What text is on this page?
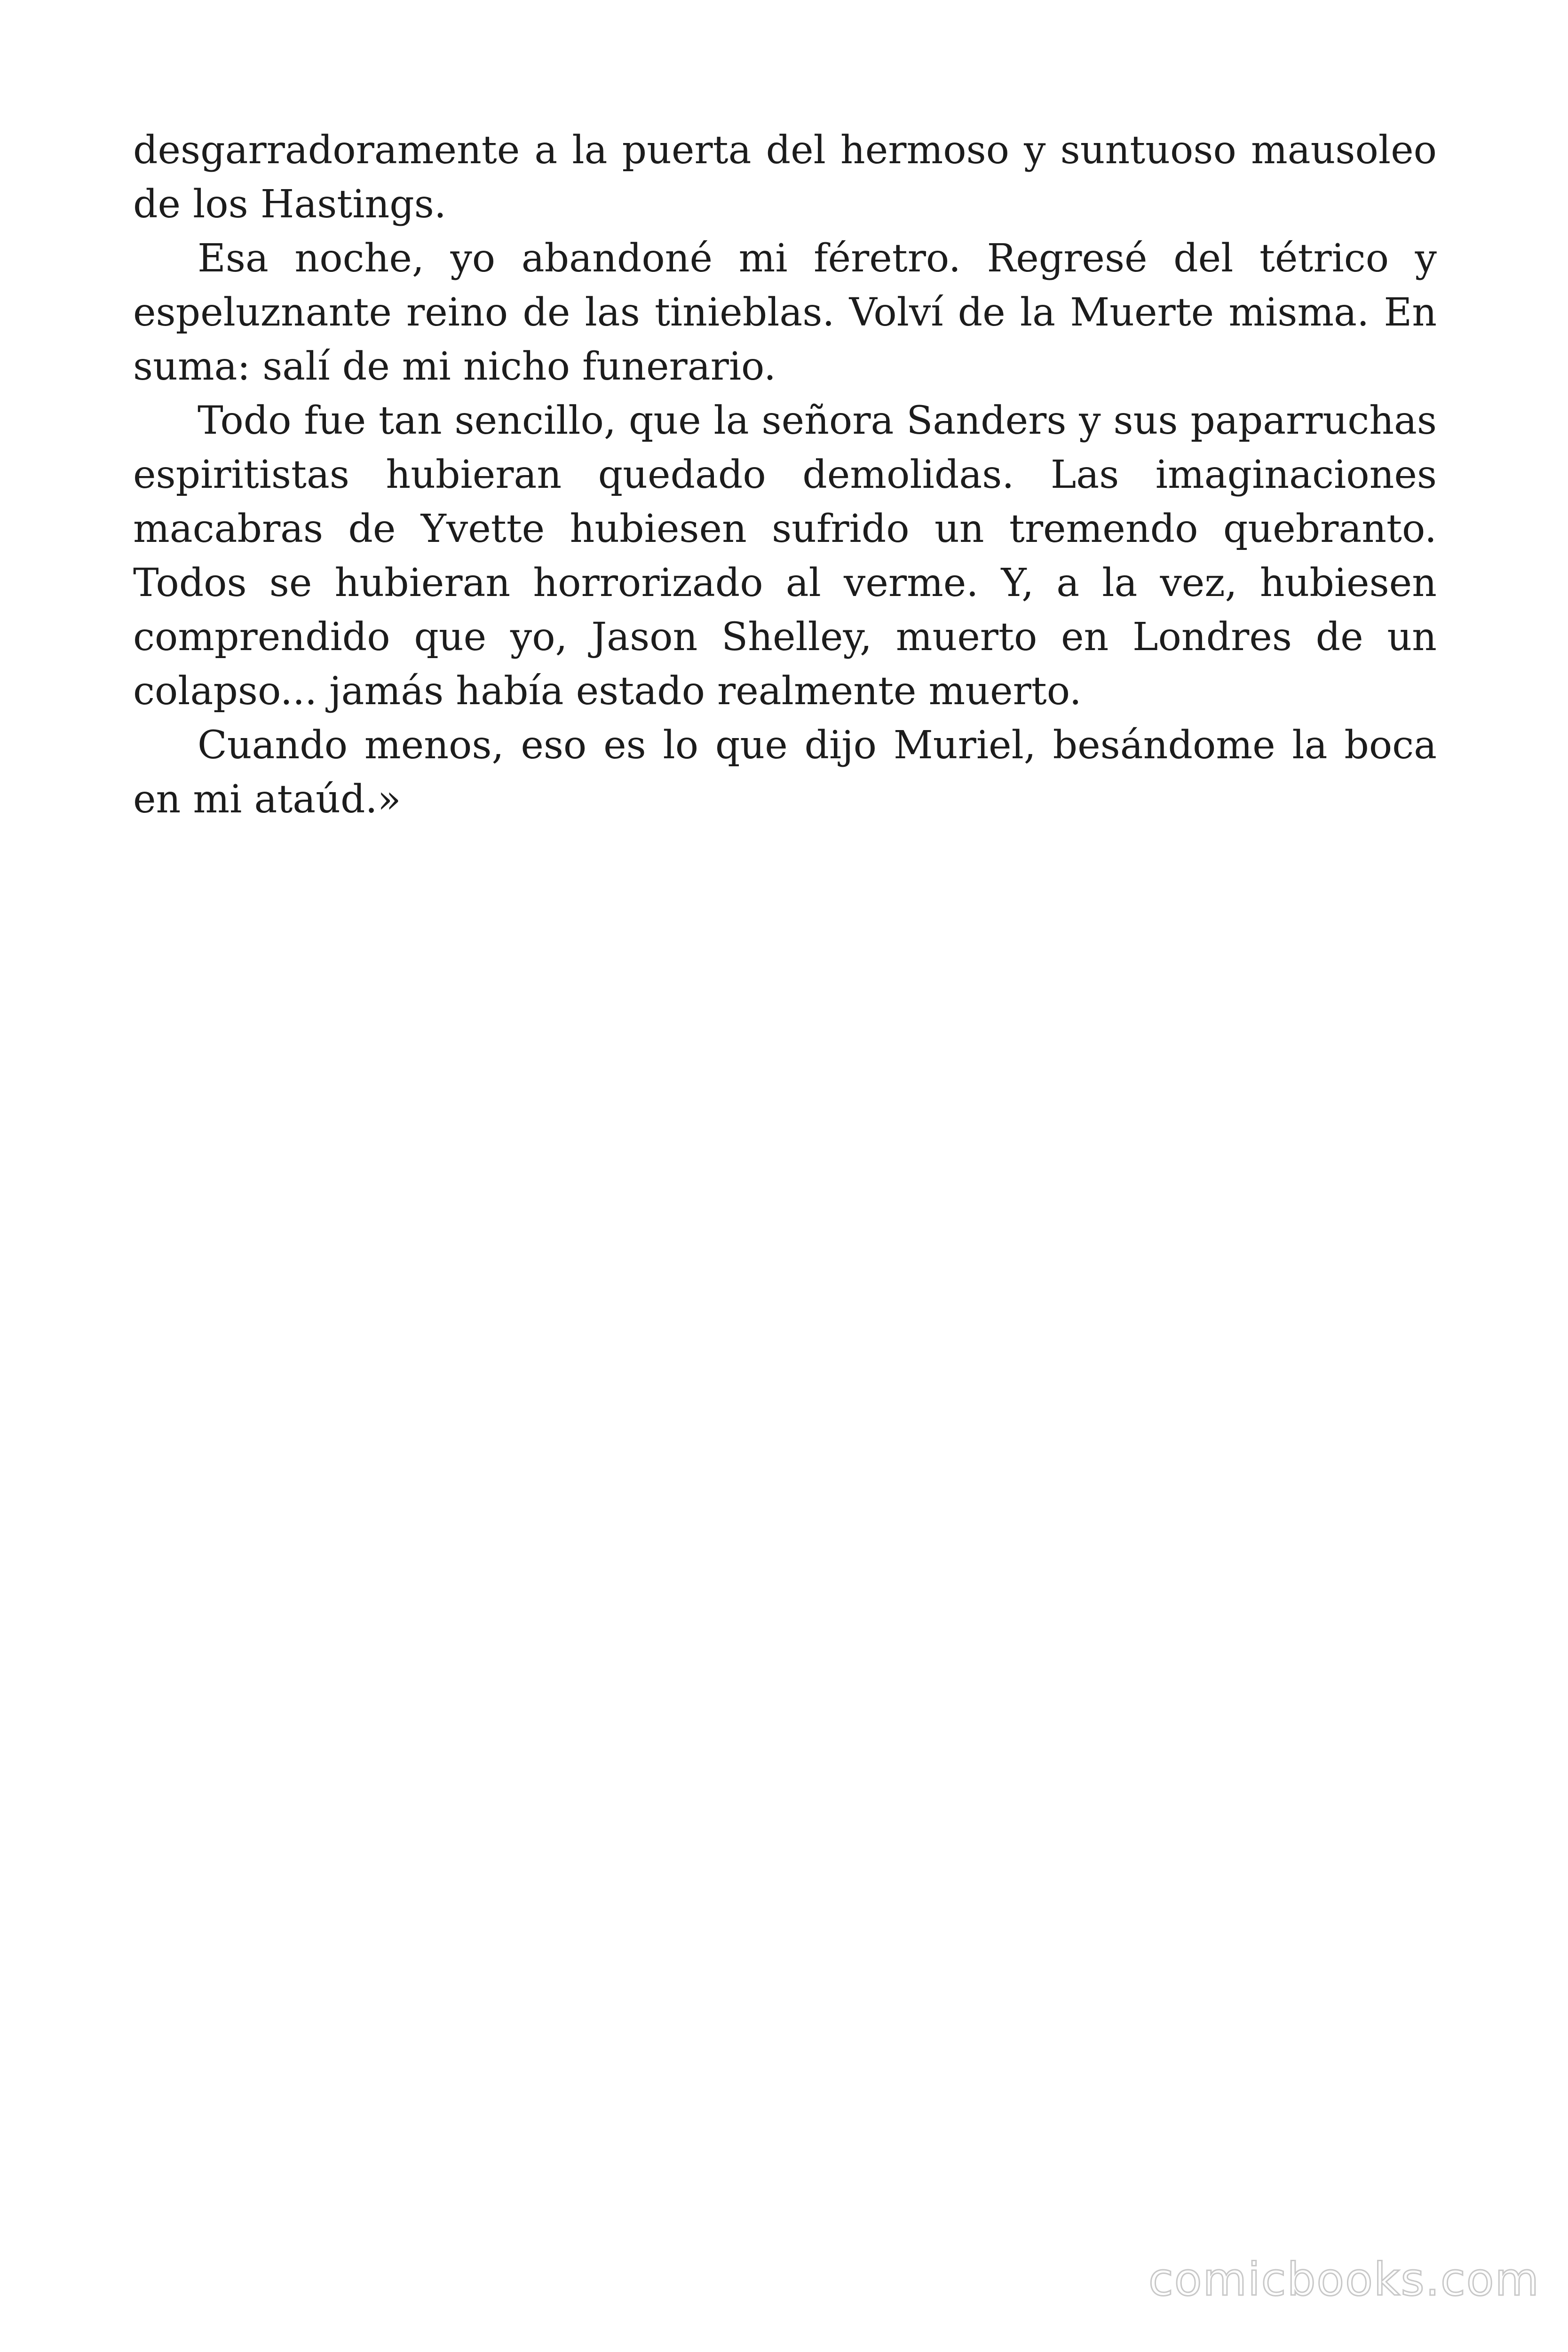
desgarradoramente a la puerta del hermoso y suntuoso mausoleo de los Hastings.

Esa noche, yo abandoné mi féretro. Regresé del tétrico y espeluznante reino de las tinieblas. Volví de la Muerte misma. En suma: salí de mi nicho funerario.

Todo fue tan sencillo, que la señora Sanders y sus paparruchas espiritistas hubieran quedado demolidas. Las imaginaciones macabras de Yvette hubiesen sufrido un tremendo quebranto. Todos se hubieran horrorizado al verme. Y, a la vez, hubiesen comprendido que yo, Jason Shelley, muerto en Londres de un colapso... jamás había estado realmente muerto.

Cuando menos, eso es lo que dijo Muriel, besándome la boca en mi ataúd.»

comicbooks.com
